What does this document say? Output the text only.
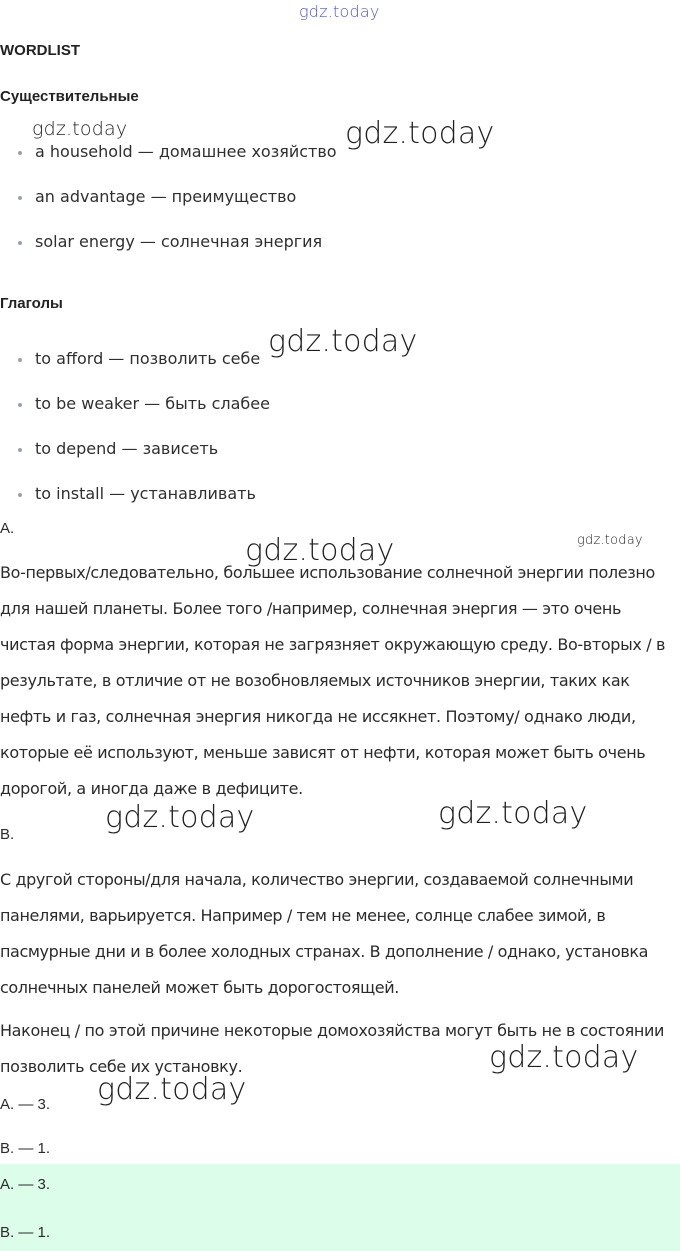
gdz.today
gdz.today	gdz.today
gdz.today
gdz.today	gdz.today
gdz.today	gdz.today
gdz.today
gdz.today
WORDLIST
Существительные
a household — домашнее хозяйство
an advantage — преимущество
solar energy — солнечная энергия
Глаголы
to afford — позволить себе
to be weaker — быть слабее
to depend — зависеть
to install — устанавливать
A.

Во-первых/следовательно, большее использование солнечной энергии полезно для нашей планеты. Более того /например, солнечная энергия — это очень чистая форма энергии, которая не загрязняет окружающую среду. Во-вторых / в результате, в отличие от не возобновляемых источников энергии, таких как нефть и газ, солнечная энергия никогда не иссякнет. Поэтому/ однако люди, которые её используют, меньше зависят от нефти, которая может быть очень дорогой, а иногда даже в дефиците.

B.

С другой стороны/для начала, количество энергии, создаваемой солнечными панелями, варьируется. Например / тем не менее, солнце слабее зимой, в пасмурные дни и в более холодных странах. В дополнение / однако, установка солнечных панелей может быть дорогостоящей.

Наконец / по этой причине некоторые домохозяйства могут быть не в состоянии позволить себе их установку.

A. — 3.
B. — 1.
A. — 3.
B. — 1.
